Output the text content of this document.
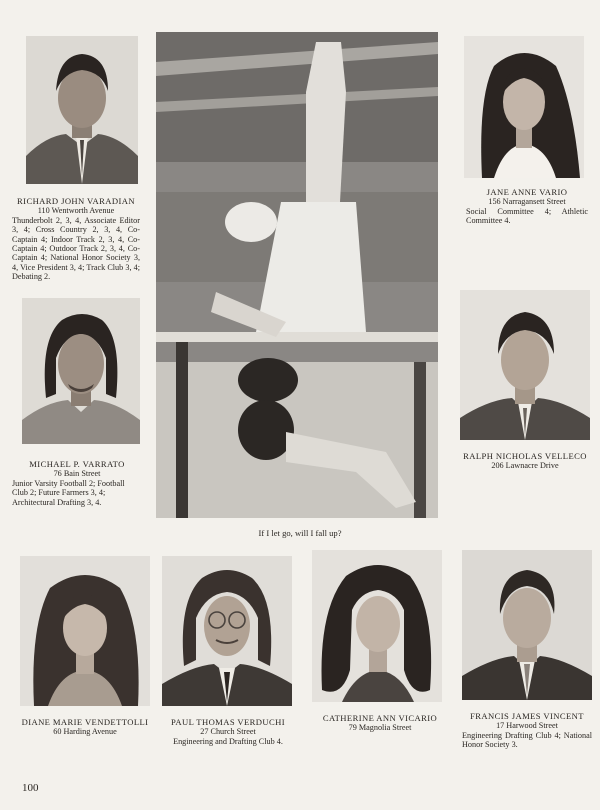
RICHARD JOHN VARADIAN
110 Wentworth Avenue
Thunderbolt 2, 3, 4, Associate Editor 3, 4; Cross Country 2, 3, 4, Co-Captain 4; Indoor Track 2, 3, 4, Co-Captain 4; Outdoor Track 2, 3, 4, Co-Captain 4; National Honor Society 3, 4, Vice President 3, 4; Track Club 3, 4; Debating 2.
If I let go, will I fall up?
JANE ANNE VARIO
156 Narragansett Street
Social Committee 4; Athletic Committee 4.
MICHAEL P. VARRATO
76 Bain Street
Junior Varsity Football 2; Football Club 2; Future Farmers 3, 4; Architectural Drafting 3, 4.
RALPH NICHOLAS VELLECO
206 Lawnacre Drive
DIANE MARIE VENDETTOLLI
60 Harding Avenue
PAUL THOMAS VERDUCHI
27 Church Street
Engineering and Drafting Club 4.
CATHERINE ANN VICARIO
79 Magnolia Street
FRANCIS JAMES VINCENT
17 Harwood Street
Engineering Drafting Club 4; National Honor Society 3.
100
